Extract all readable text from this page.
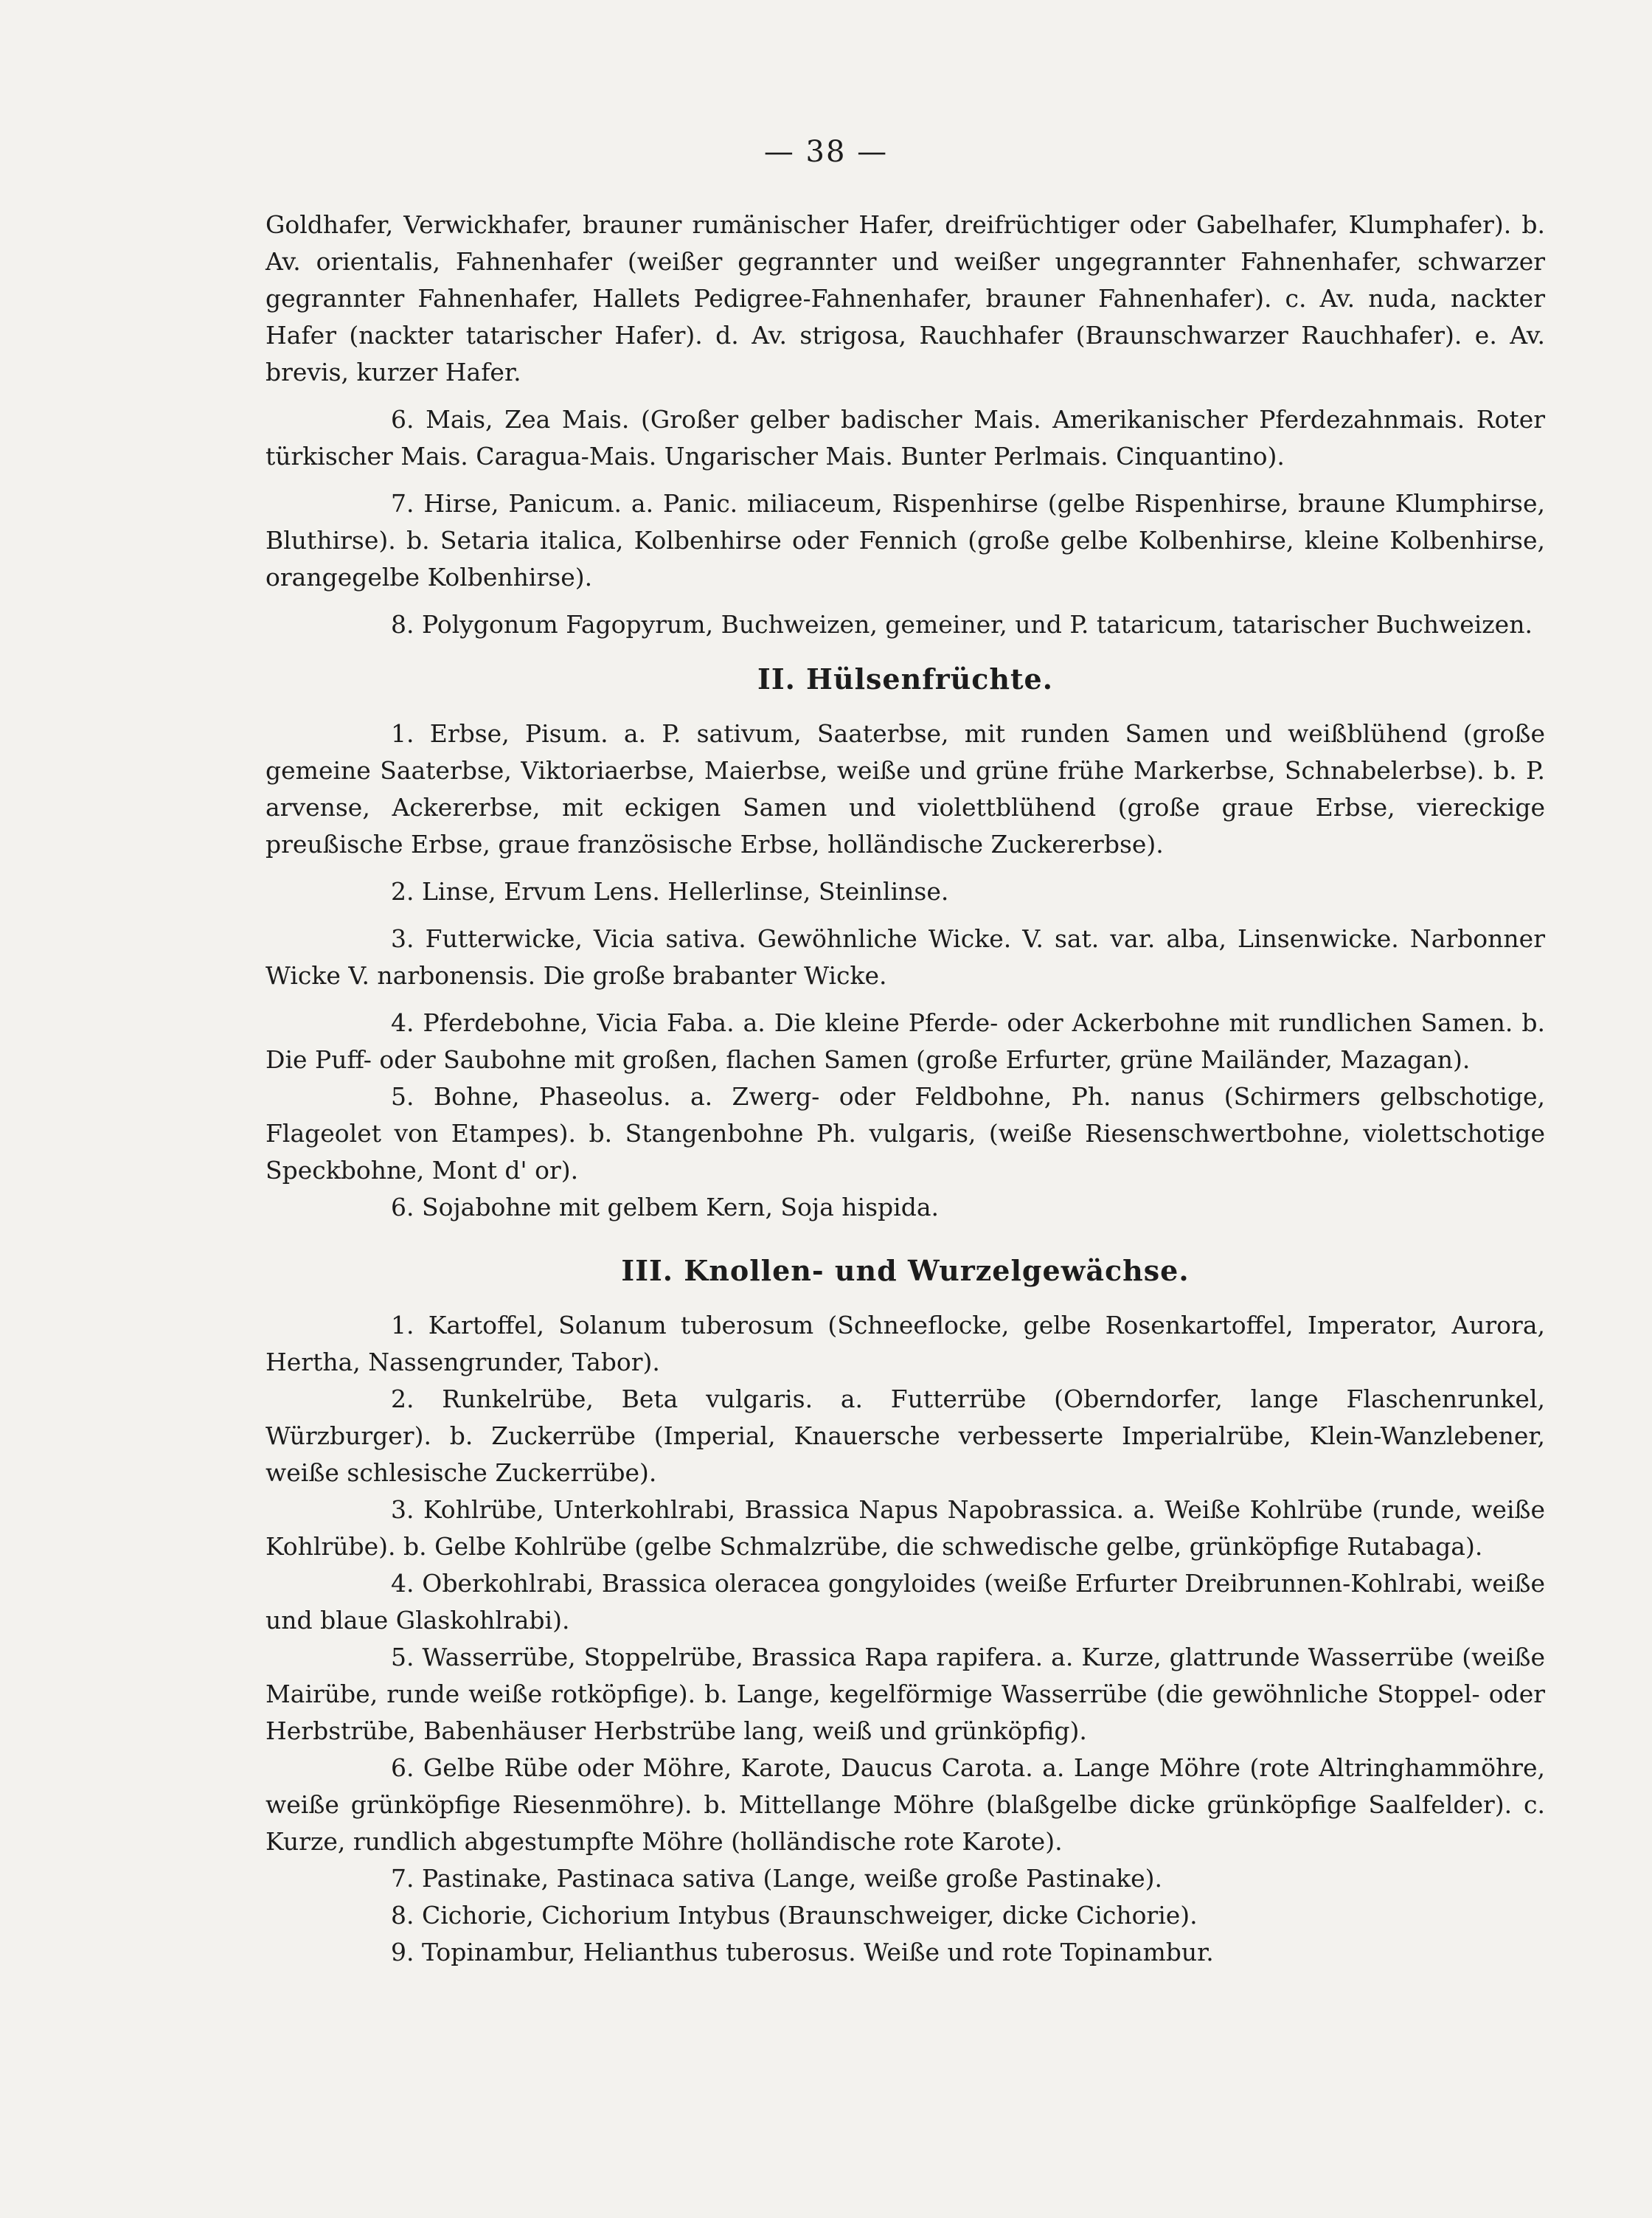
— 38 —

Goldhafer, Verwickhafer, brauner rumänischer Hafer, dreifrüchtiger oder Gabelhafer, Klumphafer). b. Av. orientalis, Fahnenhafer (weißer gegrannter und weißer ungegrannter Fahnenhafer, schwarzer gegrannter Fahnenhafer, Hallets Pedigree-Fahnenhafer, brauner Fahnenhafer). c. Av. nuda, nackter Hafer (nackter tatarischer Hafer). d. Av. strigosa, Rauchhafer (Braunschwarzer Rauchhafer). e. Av. brevis, kurzer Hafer.

6. Mais, Zea Mais. (Großer gelber badischer Mais. Amerikanischer Pferdezahnmais. Roter türkischer Mais. Caragua-Mais. Ungarischer Mais. Bunter Perlmais. Cinquantino).

7. Hirse, Panicum. a. Panic. miliaceum, Rispenhirse (gelbe Rispenhirse, braune Klumphirse, Bluthirse). b. Setaria italica, Kolbenhirse oder Fennich (große gelbe Kolbenhirse, kleine Kolbenhirse, orangegelbe Kolbenhirse).

8. Polygonum Fagopyrum, Buchweizen, gemeiner, und P. tataricum, tatarischer Buchweizen.

II. Hülsenfrüchte.

1. Erbse, Pisum. a. P. sativum, Saaterbse, mit runden Samen und weißblühend (große gemeine Saaterbse, Viktoriaerbse, Maierbse, weiße und grüne frühe Markerbse, Schnabelerbse). b. P. arvense, Ackererbse, mit eckigen Samen und violettblühend (große graue Erbse, viereckige preußische Erbse, graue französische Erbse, holländische Zuckererbse).

2. Linse, Ervum Lens. Hellerlinse, Steinlinse.

3. Futterwicke, Vicia sativa. Gewöhnliche Wicke. V. sat. var. alba, Linsenwicke. Narbonner Wicke V. narbonensis. Die große brabanter Wicke.

4. Pferdebohne, Vicia Faba. a. Die kleine Pferde- oder Ackerbohne mit rundlichen Samen. b. Die Puff- oder Saubohne mit großen, flachen Samen (große Erfurter, grüne Mailänder, Mazagan).

5. Bohne, Phaseolus. a. Zwerg- oder Feldbohne, Ph. nanus (Schirmers gelbschotige, Flageolet von Etampes). b. Stangenbohne Ph. vulgaris, (weiße Riesenschwertbohne, violettschotige Speckbohne, Mont d' or).

6. Sojabohne mit gelbem Kern, Soja hispida.

III. Knollen- und Wurzelgewächse.

1. Kartoffel, Solanum tuberosum (Schneeflocke, gelbe Rosenkartoffel, Imperator, Aurora, Hertha, Nassengrunder, Tabor).

2. Runkelrübe, Beta vulgaris. a. Futterrübe (Oberndorfer, lange Flaschenrunkel, Würzburger). b. Zuckerrübe (Imperial, Knauersche verbesserte Imperialrübe, Klein-Wanzlebener, weiße schlesische Zuckerrübe).

3. Kohlrübe, Unterkohlrabi, Brassica Napus Napobrassica. a. Weiße Kohlrübe (runde, weiße Kohlrübe). b. Gelbe Kohlrübe (gelbe Schmalzrübe, die schwedische gelbe, grünköpfige Rutabaga).

4. Oberkohlrabi, Brassica oleracea gongyloides (weiße Erfurter Dreibrunnen-Kohlrabi, weiße und blaue Glaskohlrabi).

5. Wasserrübe, Stoppelrübe, Brassica Rapa rapifera. a. Kurze, glattrunde Wasserrübe (weiße Mairübe, runde weiße rotköpfige). b. Lange, kegelförmige Wasserrübe (die gewöhnliche Stoppel- oder Herbstrübe, Babenhäuser Herbstrübe lang, weiß und grünköpfig).

6. Gelbe Rübe oder Möhre, Karote, Daucus Carota. a. Lange Möhre (rote Altringhammöhre, weiße grünköpfige Riesenmöhre). b. Mittellange Möhre (blaßgelbe dicke grünköpfige Saalfelder). c. Kurze, rundlich abgestumpfte Möhre (holländische rote Karote).

7. Pastinake, Pastinaca sativa (Lange, weiße große Pastinake).

8. Cichorie, Cichorium Intybus (Braunschweiger, dicke Cichorie).

9. Topinambur, Helianthus tuberosus. Weiße und rote Topinambur.
